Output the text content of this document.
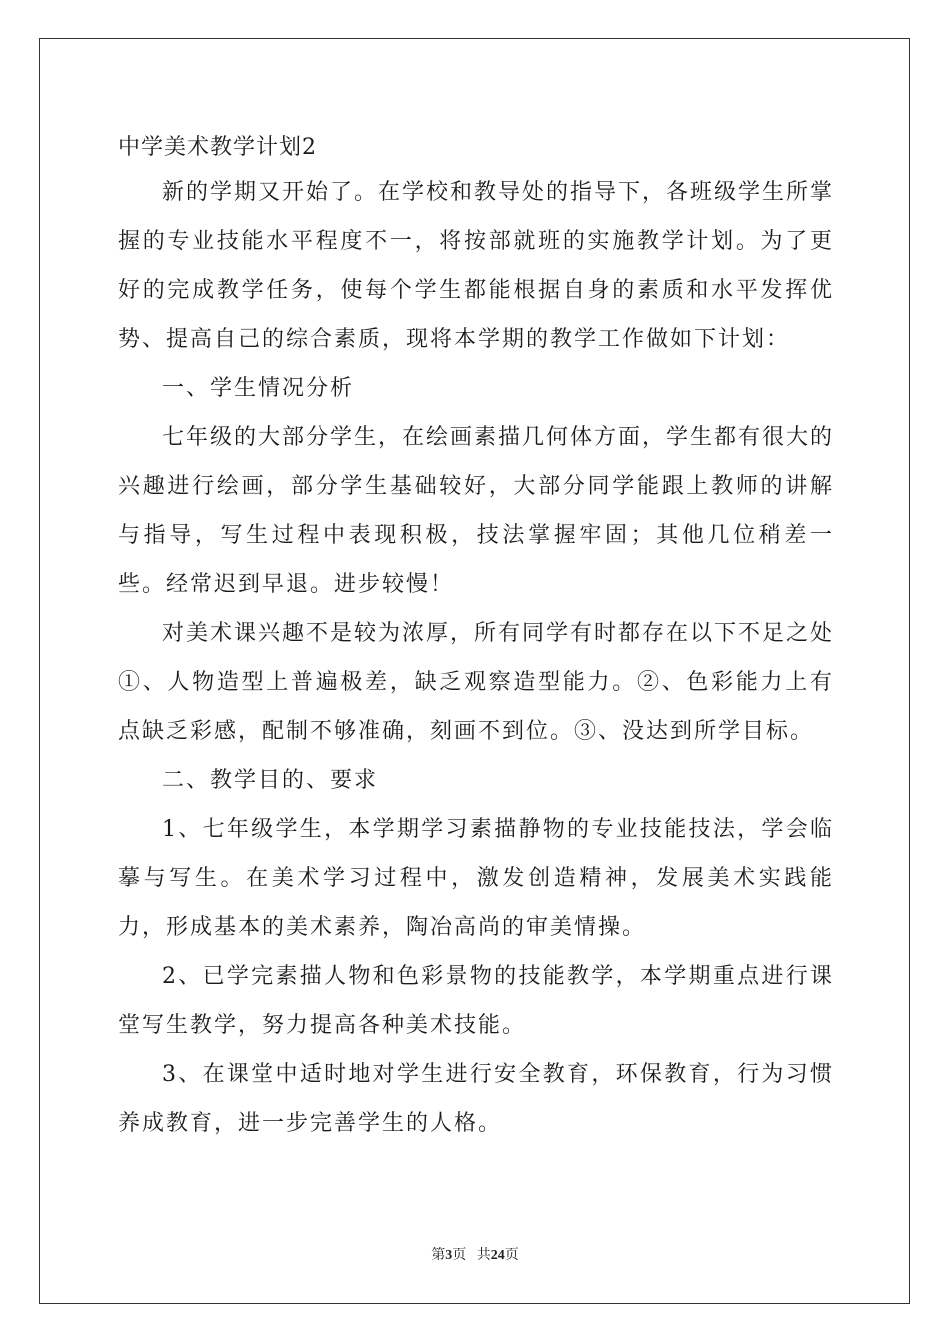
中学美术教学计划2

新的学期又开始了。在学校和教导处的指导下，各班级学生所掌握的专业技能水平程度不一，将按部就班的实施教学计划。为了更好的完成教学任务，使每个学生都能根据自身的素质和水平发挥优势、提高自己的综合素质，现将本学期的教学工作做如下计划：

一、学生情况分析

七年级的大部分学生，在绘画素描几何体方面，学生都有很大的兴趣进行绘画，部分学生基础较好，大部分同学能跟上教师的讲解与指导，写生过程中表现积极，技法掌握牢固；其他几位稍差一些。经常迟到早退。进步较慢！

对美术课兴趣不是较为浓厚，所有同学有时都存在以下不足之处①、人物造型上普遍极差，缺乏观察造型能力。②、色彩能力上有点缺乏彩感，配制不够准确，刻画不到位。③、没达到所学目标。

二、教学目的、要求

1、七年级学生，本学期学习素描静物的专业技能技法，学会临摹与写生。在美术学习过程中，激发创造精神，发展美术实践能力，形成基本的美术素养，陶冶高尚的审美情操。

2、已学完素描人物和色彩景物的技能教学，本学期重点进行课堂写生教学，努力提高各种美术技能。

3、在课堂中适时地对学生进行安全教育，环保教育，行为习惯养成教育，进一步完善学生的人格。

第3页 共24页
